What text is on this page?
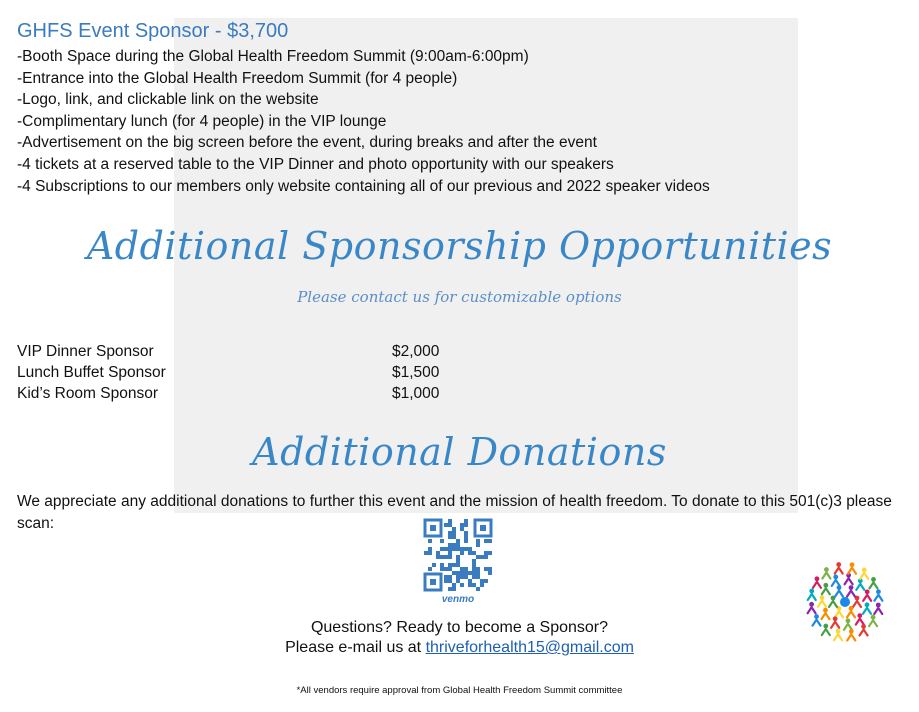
GHFS Event Sponsor - $3,700
-Booth Space during the Global Health Freedom Summit (9:00am-6:00pm)
-Entrance into the Global Health Freedom Summit (for 4 people)
-Logo, link, and clickable link on the website
-Complimentary lunch (for 4 people) in the VIP lounge
-Advertisement on the big screen before the event, during breaks and after the event
-4 tickets at a reserved table to the VIP Dinner and photo opportunity with our speakers
-4 Subscriptions to our members only website containing all of our previous and 2022 speaker videos
Additional Sponsorship Opportunities
Please contact us for customizable options
VIP Dinner Sponsor	$2,000
Lunch Buffet Sponsor	$1,500
Kid’s Room Sponsor	$1,000
Additional Donations
We appreciate any additional donations to further this event and the mission of health freedom. To donate to this 501(c)3 please scan:
venmo
Questions? Ready to become a Sponsor?
Please e-mail us at thriveforhealth15@gmail.com
*All vendors require approval from Global Health Freedom Summit committee
